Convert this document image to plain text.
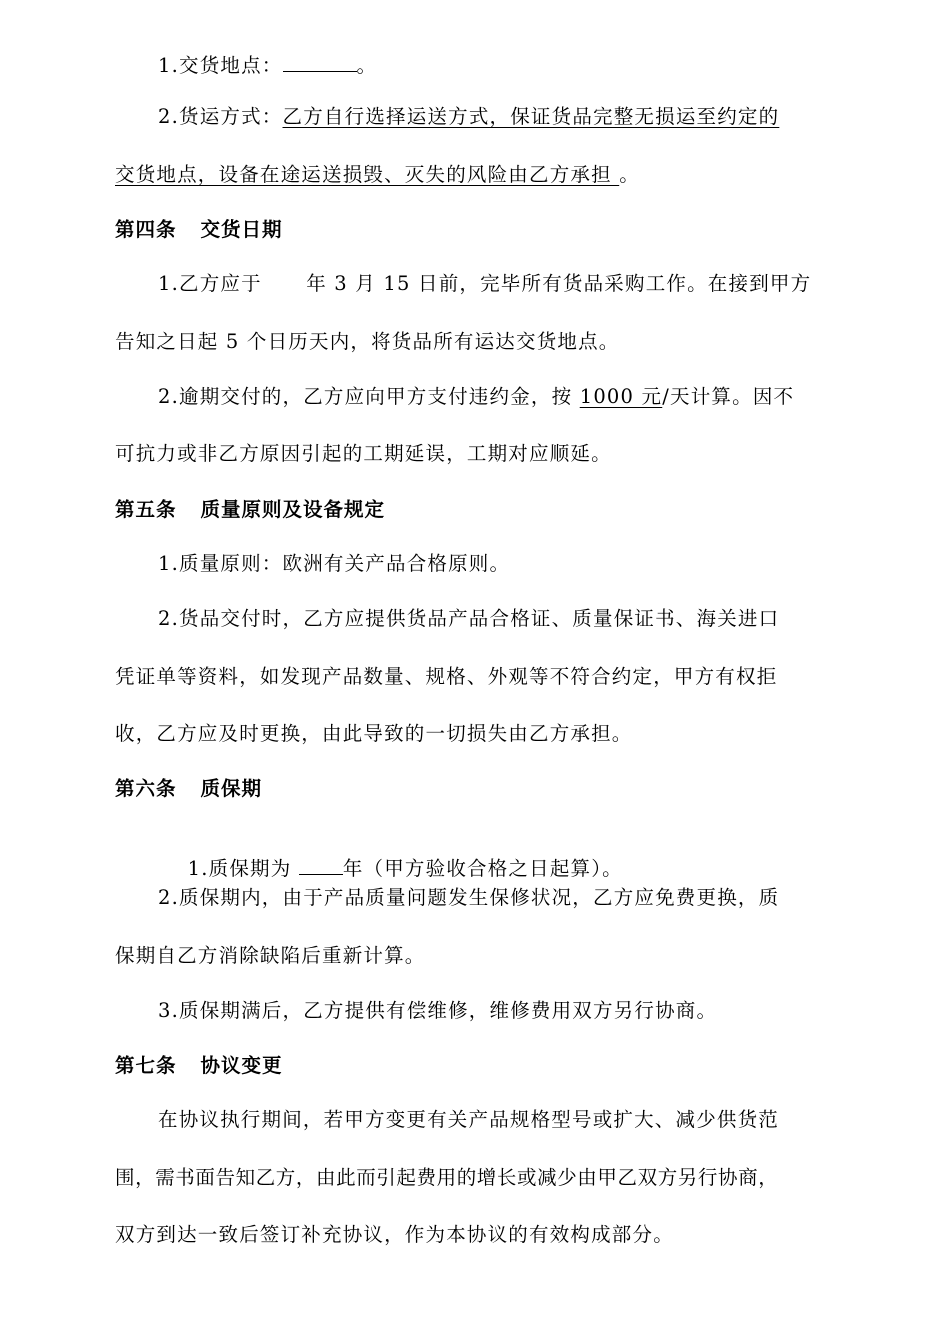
1.交货地点：	。
2.货运方式：乙方自行选择运送方式，保证货品完整无损运至约定的
交货地点，设备在途运送损毁、灭失的风险由乙方承担 。
第四条 交货日期
1.乙方应于      年 3 月 15 日前，完毕所有货品采购工作。在接到甲方
告知之日起 5 个日历天内，将货品所有运达交货地点。
2.逾期交付的，乙方应向甲方支付违约金，按 1000 元/天计算。因不
可抗力或非乙方原因引起的工期延误，工期对应顺延。
第五条 质量原则及设备规定
1.质量原则：欧洲有关产品合格原则。
2.货品交付时，乙方应提供货品产品合格证、质量保证书、海关进口
凭证单等资料，如发现产品数量、规格、外观等不符合约定，甲方有权拒
收，乙方应及时更换，由此导致的一切损失由乙方承担。
第六条 质保期

1.质保期为 年（甲方验收合格之日起算）。

2.质保期内，由于产品质量问题发生保修状况，乙方应免费更换，质
保期自乙方消除缺陷后重新计算。
3.质保期满后，乙方提供有偿维修，维修费用双方另行协商。
第七条 协议变更
在协议执行期间，若甲方变更有关产品规格型号或扩大、减少供货范
围，需书面告知乙方，由此而引起费用的增长或减少由甲乙双方另行协商，
双方到达一致后签订补充协议，作为本协议的有效构成部分。
